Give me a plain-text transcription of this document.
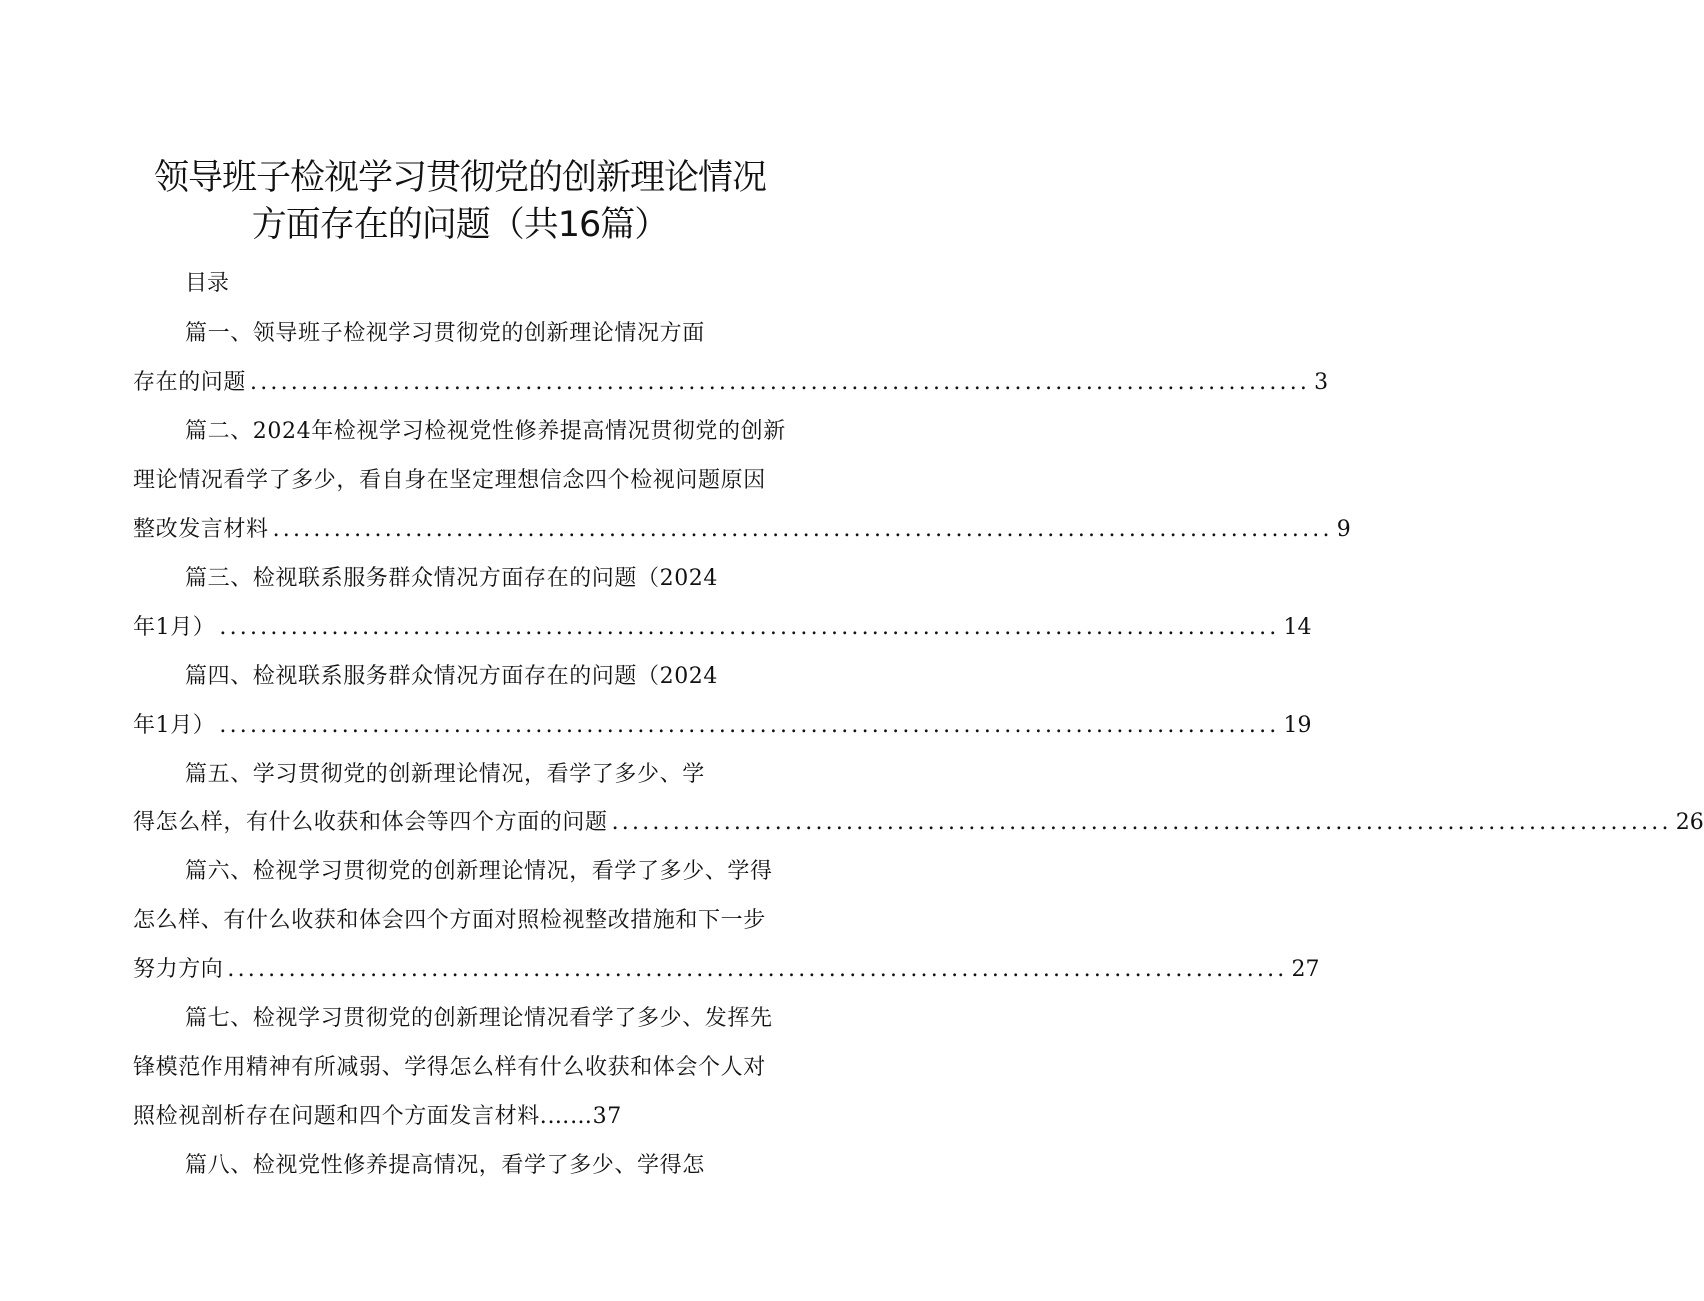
领导班子检视学习贯彻党的创新理论情况
方面存在的问题（共16篇）
目录
篇一、领导班子检视学习贯彻党的创新理论情况方面
存在的问题 ........................................................................................................ 3
篇二、2024年检视学习检视党性修养提高情况贯彻党的创新
理论情况看学了多少，看自身在坚定理想信念四个检视问题原因
整改发言材料 ........................................................................................................ 9
篇三、检视联系服务群众情况方面存在的问题（2024
年1月） ........................................................................................................ 14
篇四、检视联系服务群众情况方面存在的问题（2024
年1月） ........................................................................................................ 19
篇五、学习贯彻党的创新理论情况，看学了多少、学
得怎么样，有什么收获和体会等四个方面的问题 ........................................................................................................ 26
篇六、检视学习贯彻党的创新理论情况，看学了多少、学得
怎么样、有什么收获和体会四个方面对照检视整改措施和下一步
努力方向 ........................................................................................................ 27
篇七、检视学习贯彻党的创新理论情况看学了多少、发挥先
锋模范作用精神有所减弱、学得怎么样有什么收获和体会个人对
照检视剖析存在问题和四个方面发言材料.……37
篇八、检视党性修养提高情况，看学了多少、学得怎
